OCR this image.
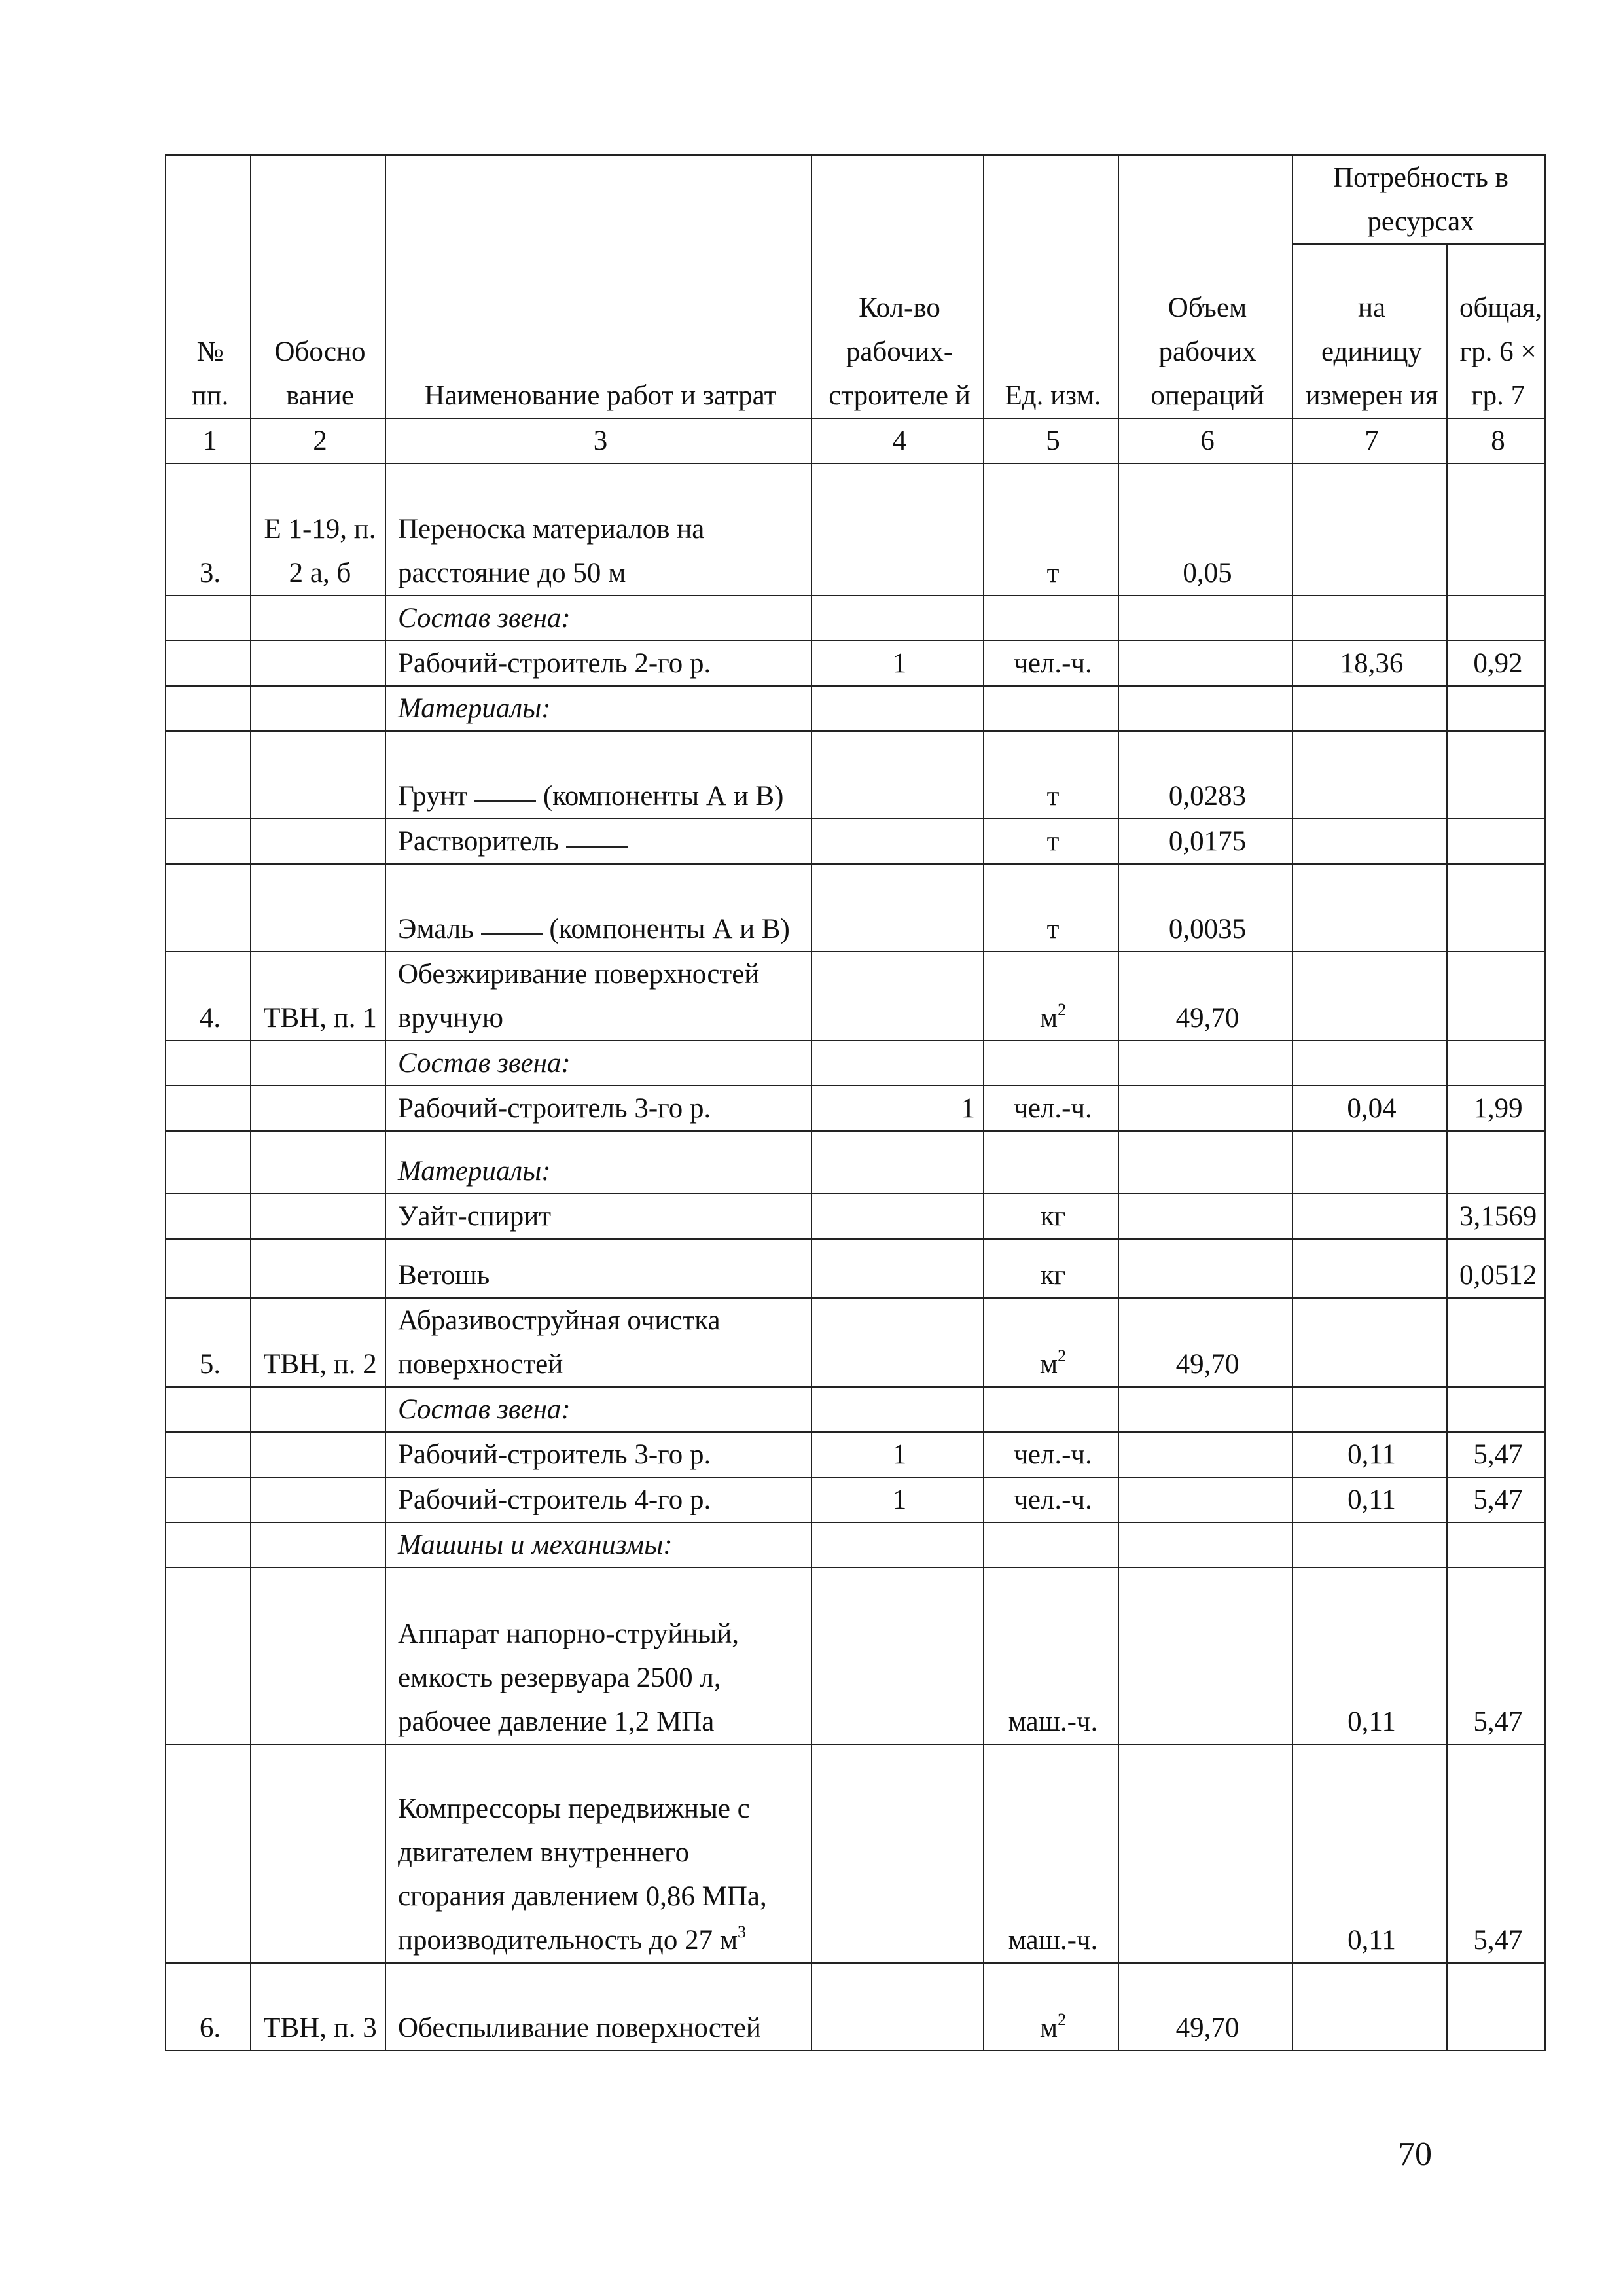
№ пп.	Обосно вание	Наименование работ и затрат	Кол-во рабочих-строителе й	Ед. изм.	Объем рабочих операций	Потребность в ресурсах	
						на единицу измерен ия	общая, гр. 6 × гр. 7
1	2	3	4	5	6	7	8
3.	Е 1-19, п. 2 а, б	Переноска материалов на расстояние до 50 м		т	0,05		
		Состав звена:					
		Рабочий-строитель 2-го р.	1	чел.-ч.		18,36	0,92
		Материалы:					
		Грунт (компоненты А и В)		т	0,0283		
		Растворитель		т	0,0175		
		Эмаль (компоненты А и В)		т	0,0035		
4.	ТВН, п. 1	Обезжиривание поверхностей вручную		$м^2$	49,70		
		Состав звена:					
		Рабочий-строитель 3-го р.	1	чел.-ч.		0,04	1,99
		Материалы:					
		Уайт-спирит		кг			3,1569
		Ветошь		кг			0,0512
5.	ТВН, п. 2	Абразивоструйная очистка поверхностей		$м^2$	49,70		
		Состав звена:					
		Рабочий-строитель 3-го р.	1	чел.-ч.		0,11	5,47
		Рабочий-строитель 4-го р.	1	чел.-ч.		0,11	5,47
		Машины и механизмы:					
		Аппарат напорно-струйный, емкость резервуара 2500 л, рабочее давление 1,2 МПа		маш.-ч.		0,11	5,47
		Компрессоры передвижные с двигателем внутреннего сгорания давлением 0,86 МПа, производительность до 27 $м^3$		маш.-ч.		0,11	5,47
6.	ТВН, п. 3	Обеспыливание поверхностей		$м^2$	49,70		
70
